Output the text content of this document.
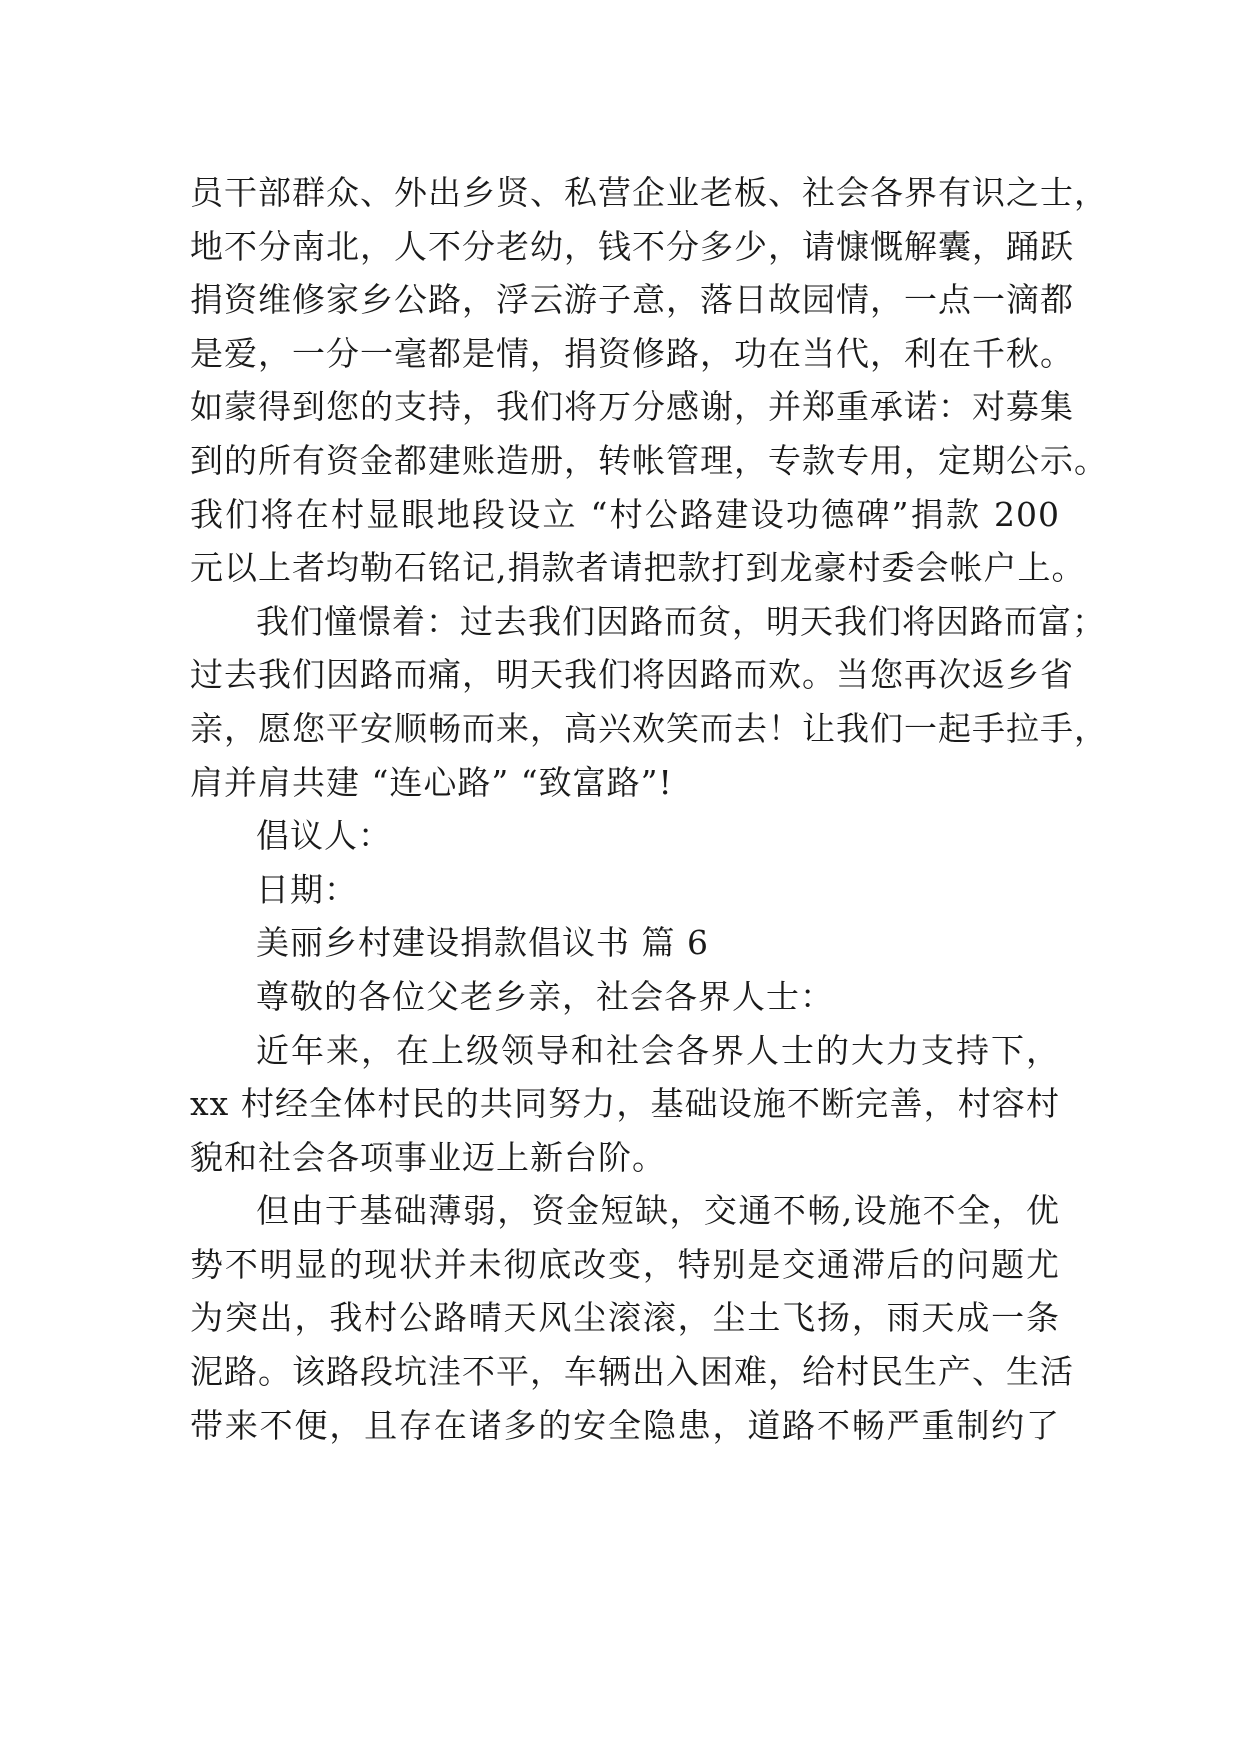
员干部群众、外出乡贤、私营企业老板、社会各界有识之士，
地不分南北，人不分老幼，钱不分多少，请慷慨解囊，踊跃
捐资维修家乡公路，浮云游子意，落日故园情，一点一滴都
是爱，一分一毫都是情，捐资修路，功在当代，利在千秋。
如蒙得到您的支持，我们将万分感谢，并郑重承诺：对募集
到的所有资金都建账造册，转帐管理，专款专用，定期公示。
我们将在村显眼地段设立 “村公路建设功德碑”捐款 200
元以上者均勒石铭记,捐款者请把款打到龙豪村委会帐户上。
我们憧憬着：过去我们因路而贫，明天我们将因路而富；
过去我们因路而痛，明天我们将因路而欢。当您再次返乡省
亲，愿您平安顺畅而来，高兴欢笑而去！让我们一起手拉手，
肩并肩共建 “连心路” “致富路”!
倡议人：
日期：
美丽乡村建设捐款倡议书 篇 6
尊敬的各位父老乡亲，社会各界人士：
近年来，在上级领导和社会各界人士的大力支持下，
xx 村经全体村民的共同努力，基础设施不断完善，村容村
貌和社会各项事业迈上新台阶。
但由于基础薄弱，资金短缺，交通不畅,设施不全，优
势不明显的现状并未彻底改变，特别是交通滞后的问题尤
为突出，我村公路晴天风尘滚滚，尘土飞扬，雨天成一条
泥路。该路段坑洼不平，车辆出入困难，给村民生产、生活
带来不便，且存在诸多的安全隐患，道路不畅严重制约了
